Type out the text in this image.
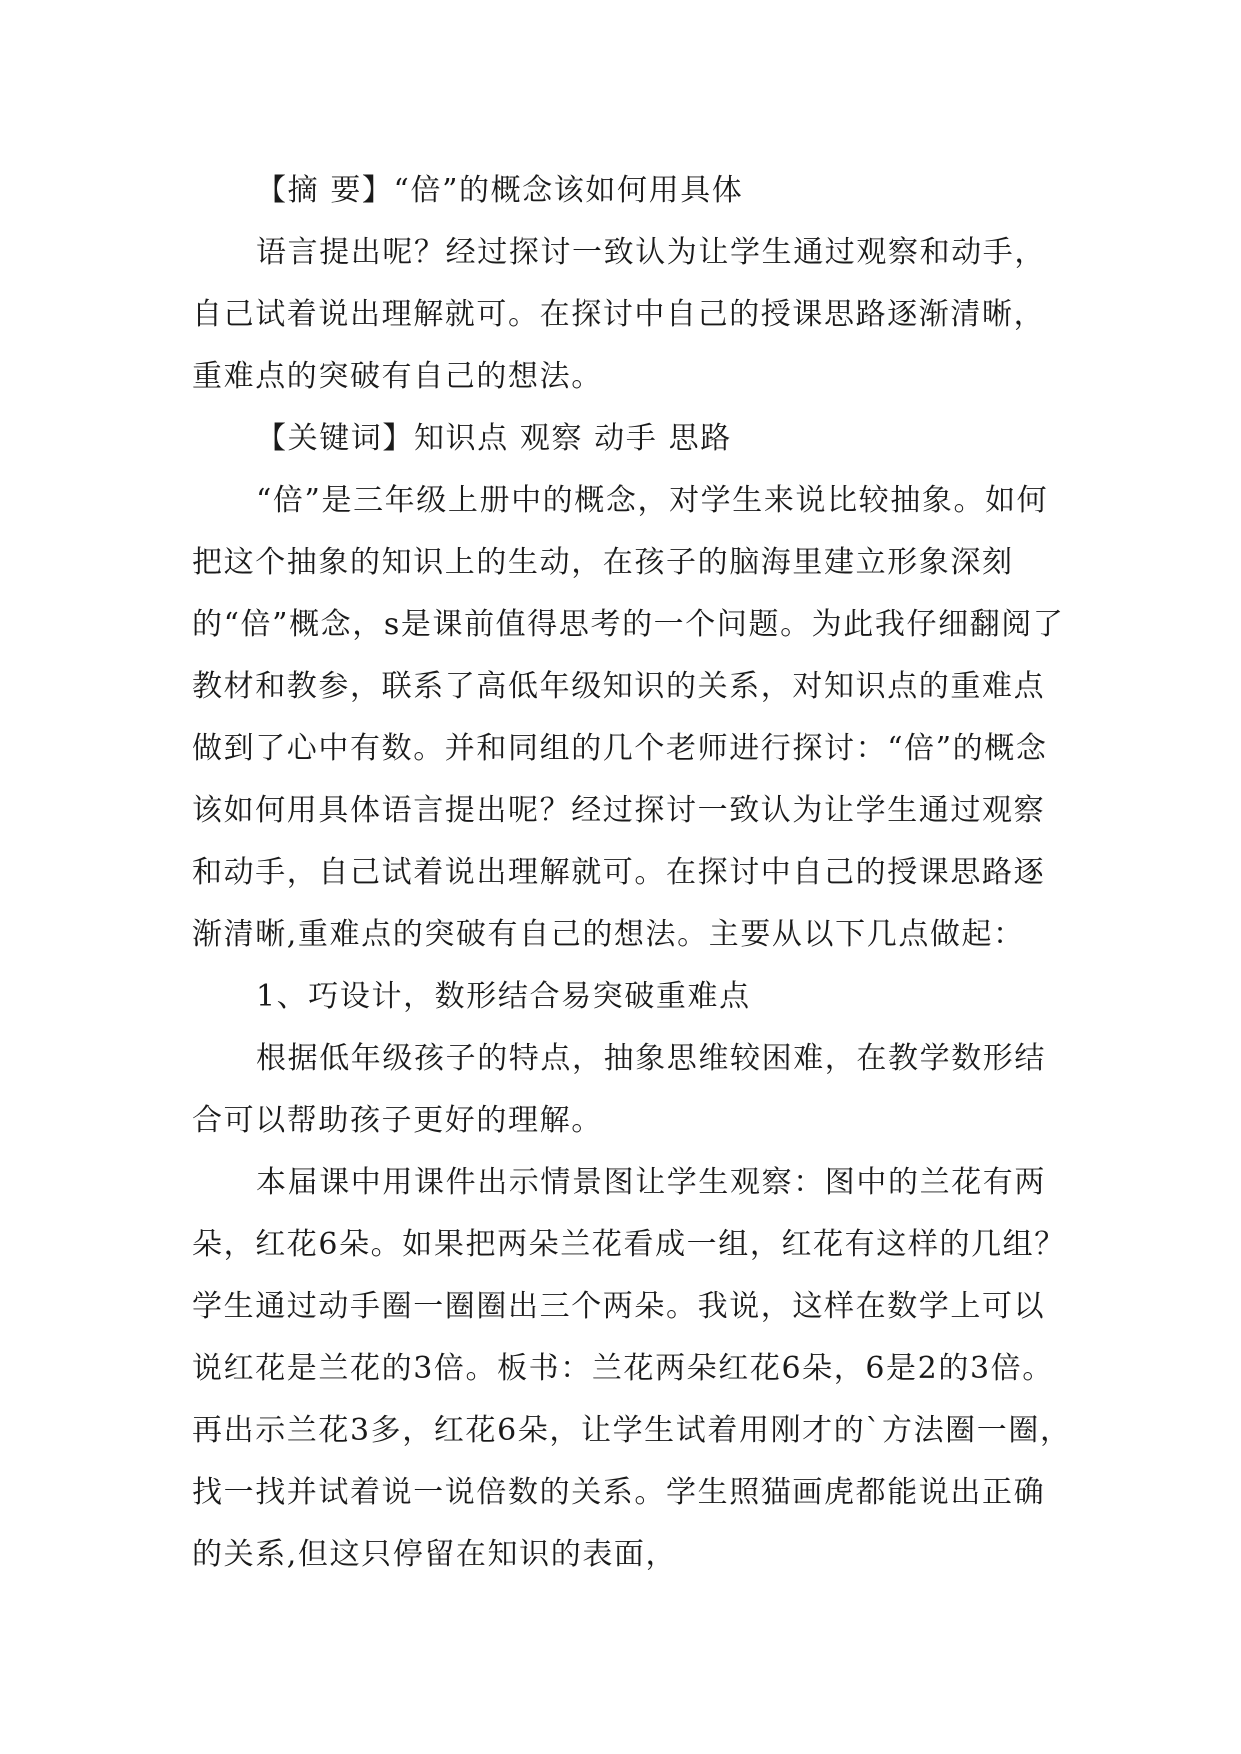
【摘 要】“倍”的概念该如何用具体

语言提出呢？经过探讨一致认为让学生通过观察和动手，自己试着说出理解就可。在探讨中自己的授课思路逐渐清晰，重难点的突破有自己的想法。

【关键词】知识点 观察 动手 思路

“倍”是三年级上册中的概念，对学生来说比较抽象。如何把这个抽象的知识上的生动，在孩子的脑海里建立形象深刻的“倍”概念，s是课前值得思考的一个问题。为此我仔细翻阅了教材和教参，联系了高低年级知识的关系，对知识点的重难点做到了心中有数。并和同组的几个老师进行探讨：“倍”的概念该如何用具体语言提出呢？经过探讨一致认为让学生通过观察和动手，自己试着说出理解就可。在探讨中自己的授课思路逐渐清晰,重难点的突破有自己的想法。主要从以下几点做起：

1、巧设计，数形结合易突破重难点

根据低年级孩子的特点，抽象思维较困难，在教学数形结合可以帮助孩子更好的理解。

本届课中用课件出示情景图让学生观察：图中的兰花有两朵，红花6朵。如果把两朵兰花看成一组，红花有这样的几组？学生通过动手圈一圈圈出三个两朵。我说，这样在数学上可以说红花是兰花的3倍。板书：兰花两朵红花6朵，6是2的3倍。再出示兰花3多，红花6朵，让学生试着用刚才的`方法圈一圈，找一找并试着说一说倍数的关系。学生照猫画虎都能说出正确的关系,但这只停留在知识的表面，
